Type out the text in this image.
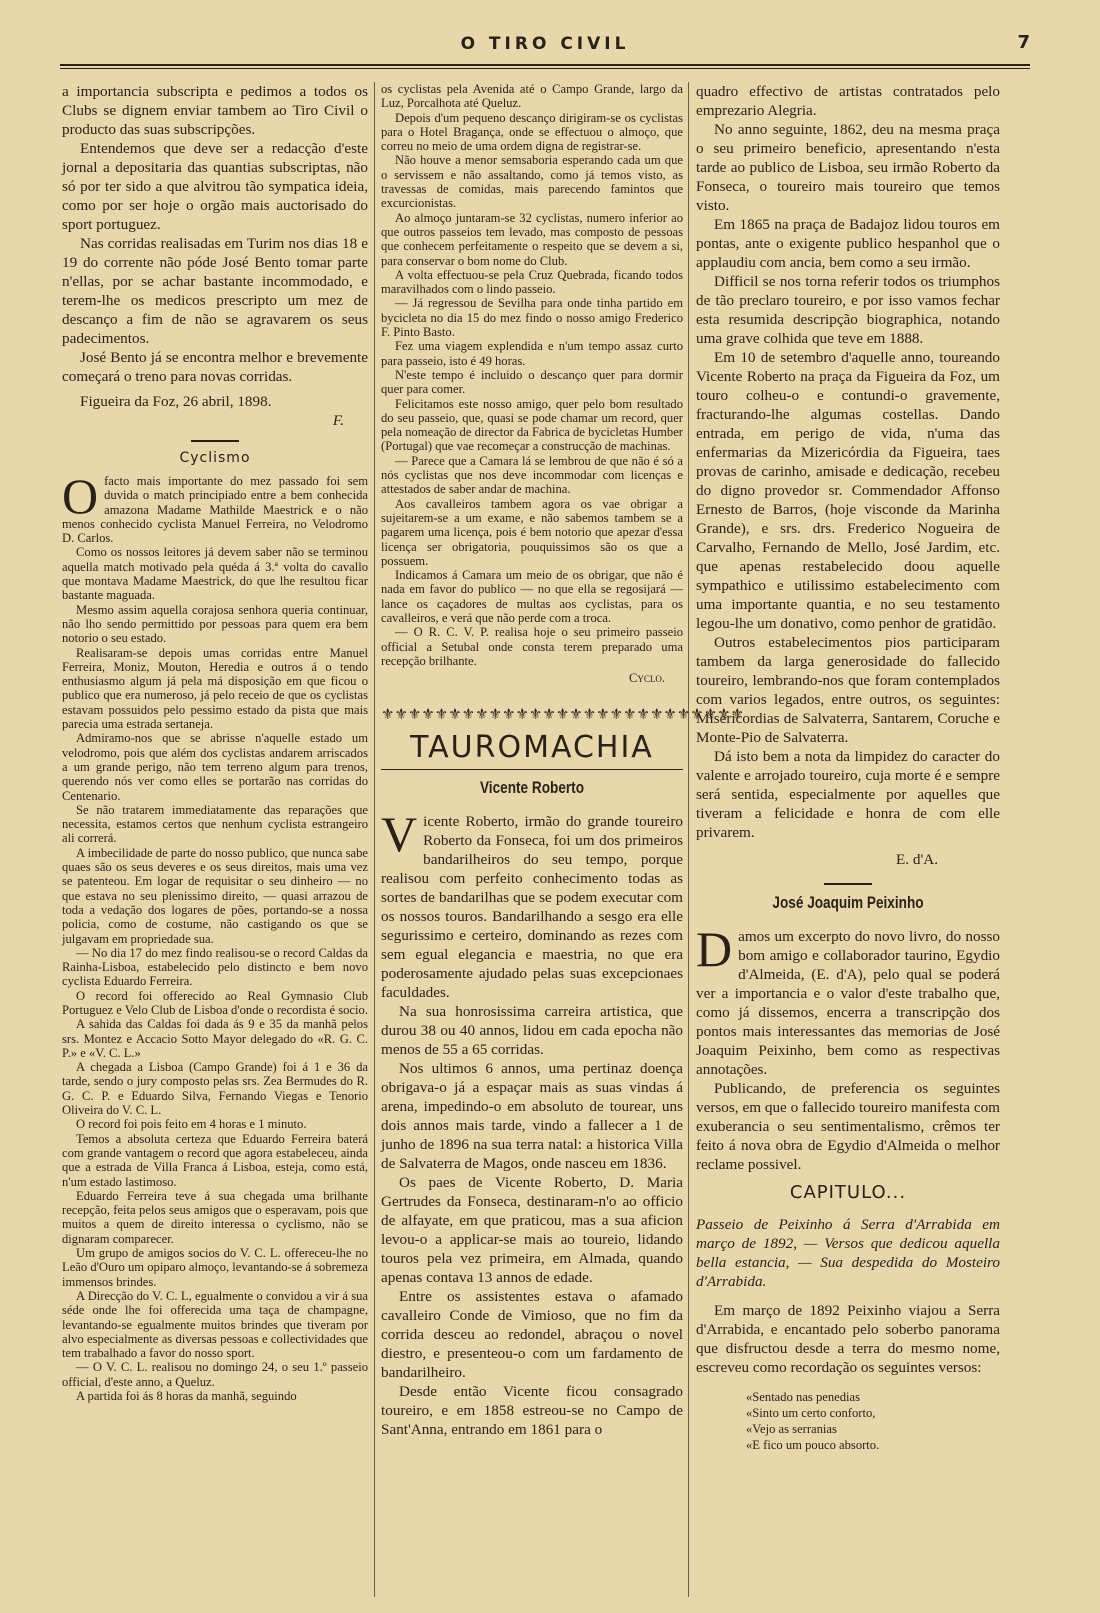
O TIRO CIVIL	7

a importancia subscripta e pedimos a todos os Clubs se dignem enviar tambem ao Tiro Civil o producto das suas subscripções.

Entendemos que deve ser a redacção d'este jornal a depositaria das quantias subscriptas, não só por ter sido a que alvitrou tão sympatica ideia, como por ser hoje o orgão mais auctorisado do sport portuguez.

Nas corridas realisadas em Turim nos dias 18 e 19 do corrente não póde José Bento tomar parte n'ellas, por se achar bastante incommodado, e terem-lhe os medicos prescripto um mez de descanço a fim de não se agravarem os seus padecimentos.

José Bento já se encontra melhor e brevemente começará o treno para novas corridas.

Figueira da Foz, 26 abril, 1898.

F.

Cyclismo

Ofacto mais importante do mez passado foi sem duvida o match principiado entre a bem conhecida amazona Madame Mathilde Maestrick e o não menos conhecido cyclista Manuel Ferreira, no Velodromo D. Carlos.

Como os nossos leitores já devem saber não se terminou aquella match motivado pela quéda á 3.ª volta do cavallo que montava Madame Maestrick, do que lhe resultou ficar bastante maguada.

Mesmo assim aquella corajosa senhora queria continuar, não lho sendo permittido por pessoas para quem era bem notorio o seu estado.

Realisaram-se depois umas corridas entre Manuel Ferreira, Moniz, Mouton, Heredia e outros á o tendo enthusiasmo algum já pela má disposição em que ficou o publico que era numeroso, já pelo receio de que os cyclistas estavam possuidos pelo pessimo estado da pista que mais parecia uma estrada sertaneja.

Admiramo-nos que se abrisse n'aquelle estado um velodromo, pois que além dos cyclistas andarem arriscados a um grande perigo, não tem terreno algum para trenos, querendo nós ver como elles se portarão nas corridas do Centenario.

Se não tratarem immediatamente das reparações que necessita, estamos certos que nenhum cyclista estrangeiro ali correrá.

A imbecilidade de parte do nosso publico, que nunca sabe quaes são os seus deveres e os seus direitos, mais uma vez se patenteou. Em logar de requisitar o seu dinheiro — no que estava no seu plenissimo direito, — quasi arrazou de toda a vedação dos logares de pões, portando-se a nossa policia, como de costume, não castigando os que se julgavam em propriedade sua.

— No dia 17 do mez findo realisou-se o record Caldas da Rainha-Lisboa, estabelecido pelo distincto e bem novo cyclista Eduardo Ferreira.

O record foi offerecido ao Real Gymnasio Club Portuguez e Velo Club de Lisboa d'onde o recordista é socio.

A sahida das Caldas foi dada ás 9 e 35 da manhã pelos srs. Montez e Accacio Sotto Mayor delegado do «R. G. C. P.» e «V. C. L.»

A chegada a Lisboa (Campo Grande) foi á 1 e 36 da tarde, sendo o jury composto pelas srs. Zea Bermudes do R. G. C. P. e Eduardo Silva, Fernando Viegas e Tenorio Oliveira do V. C. L.

O record foi pois feito em 4 horas e 1 minuto.

Temos a absoluta certeza que Eduardo Ferreira baterá com grande vantagem o record que agora estabeleceu, ainda que a estrada de Villa Franca á Lisboa, esteja, como está, n'um estado lastimoso.

Eduardo Ferreira teve á sua chegada uma brilhante recepção, feita pelos seus amigos que o esperavam, pois que muitos a quem de direito interessa o cyclismo, não se dignaram comparecer.

Um grupo de amigos socios do V. C. L. offereceu-lhe no Leão d'Ouro um opiparo almoço, levantando-se á sobremeza immensos brindes.

A Direcção do V. C. L, egualmente o convidou a vir á sua séde onde lhe foi offerecida uma taça de champagne, levantando-se egualmente muitos brindes que tiveram por alvo especialmente as diversas pessoas e collectividades que tem trabalhado a favor do nosso sport.

— O V. C. L. realisou no domingo 24, o seu 1.º passeio official, d'este anno, a Queluz.

A partida foi ás 8 horas da manhã, seguindo

os cyclistas pela Avenida até o Campo Grande, largo da Luz, Porcalhota até Queluz.

Depois d'um pequeno descanço dirigiram-se os cyclistas para o Hotel Bragança, onde se effectuou o almoço, que correu no meio de uma ordem digna de registrar-se.

Não houve a menor semsaboria esperando cada um que o servissem e não assaltando, como já temos visto, as travessas de comidas, mais parecendo famintos que excurcionistas.

Ao almoço juntaram-se 32 cyclistas, numero inferior ao que outros passeios tem levado, mas composto de pessoas que conhecem perfeitamente o respeito que se devem a si, para conservar o bom nome do Club.

A volta effectuou-se pela Cruz Quebrada, ficando todos maravilhados com o lindo passeio.

— Já regressou de Sevilha para onde tinha partido em bycicleta no dia 15 do mez findo o nosso amigo Frederico F. Pinto Basto.

Fez uma viagem explendida e n'um tempo assaz curto para passeio, isto é 49 horas.

N'este tempo é incluido o descanço quer para dormir quer para comer.

Felicitamos este nosso amigo, quer pelo bom resultado do seu passeio, que, quasi se pode chamar um record, quer pela nomeação de director da Fabrica de bycicletas Humber (Portugal) que vae recomeçar a construcção de machinas.

— Parece que a Camara lá se lembrou de que não é só a nós cyclistas que nos deve incommodar com licenças e attestados de saber andar de machina.

Aos cavalleiros tambem agora os vae obrigar a sujeitarem-se a um exame, e não sabemos tambem se a pagarem uma licença, pois é bem notorio que apezar d'essa licença ser obrigatoria, pouquissimos são os que a possuem.

Indicamos á Camara um meio de os obrigar, que não é nada em favor do publico — no que ella se regosijará — lance os caçadores de multas aos cyclistas, para os cavalleiros, e verá que não perde com a troca.

— O R. C. V. P. realisa hoje o seu primeiro passeio official a Setubal onde consta terem preparado uma recepção brilhante.

Cyclo.

⚜⚜⚜⚜⚜⚜⚜⚜⚜⚜⚜⚜⚜⚜⚜⚜⚜⚜⚜⚜⚜⚜⚜⚜⚜⚜⚜
TAUROMACHIA
Vicente Roberto

Vicente Roberto, irmão do grande toureiro Roberto da Fonseca, foi um dos primeiros bandarilheiros do seu tempo, porque realisou com perfeito conhecimento todas as sortes de bandarilhas que se podem executar com os nossos touros. Bandarilhando a sesgo era elle segurissimo e certeiro, dominando as rezes com sem egual elegancia e maestria, no que era poderosamente ajudado pelas suas excepcionaes faculdades.

Na sua honrosissima carreira artistica, que durou 38 ou 40 annos, lidou em cada epocha não menos de 55 a 65 corridas.

Nos ultimos 6 annos, uma pertinaz doença obrigava-o já a espaçar mais as suas vindas á arena, impedindo-o em absoluto de tourear, uns dois annos mais tarde, vindo a fallecer a 1 de junho de 1896 na sua terra natal: a historica Villa de Salvaterra de Magos, onde nasceu em 1836.

Os paes de Vicente Roberto, D. Maria Gertrudes da Fonseca, destinaram-n'o ao officio de alfayate, em que praticou, mas a sua aficion levou-o a applicar-se mais ao toureio, lidando touros pela vez primeira, em Almada, quando apenas contava 13 annos de edade.

Entre os assistentes estava o afamado cavalleiro Conde de Vimioso, que no fim da corrida desceu ao redondel, abraçou o novel diestro, e presenteou-o com um fardamento de bandarilheiro.

Desde então Vicente ficou consagrado toureiro, e em 1858 estreou-se no Campo de Sant'Anna, entrando em 1861 para o

quadro effectivo de artistas contratados pelo emprezario Alegria.

No anno seguinte, 1862, deu na mesma praça o seu primeiro beneficio, apresentando n'esta tarde ao publico de Lisboa, seu irmão Roberto da Fonseca, o toureiro mais toureiro que temos visto.

Em 1865 na praça de Badajoz lidou touros em pontas, ante o exigente publico hespanhol que o applaudiu com ancia, bem como a seu irmão.

Difficil se nos torna referir todos os triumphos de tão preclaro toureiro, e por isso vamos fechar esta resumida descripção biographica, notando uma grave colhida que teve em 1888.

Em 10 de setembro d'aquelle anno, toureando Vicente Roberto na praça da Figueira da Foz, um touro colheu-o e contundi-o gravemente, fracturando-lhe algumas costellas. Dando entrada, em perigo de vida, n'uma das enfermarias da Mizericórdia da Figueira, taes provas de carinho, amisade e dedicação, recebeu do digno provedor sr. Commendador Affonso Ernesto de Barros, (hoje visconde da Marinha Grande), e srs. drs. Frederico Nogueira de Carvalho, Fernando de Mello, José Jardim, etc. que apenas restabelecido doou aquelle sympathico e utilissimo estabelecimento com uma importante quantia, e no seu testamento legou-lhe um donativo, como penhor de gratidão.

Outros estabelecimentos pios participaram tambem da larga generosidade do fallecido toureiro, lembrando-nos que foram contemplados com varios legados, entre outros, os seguintes: Misericordias de Salvaterra, Santarem, Coruche e Monte-Pio de Salvaterra.

Dá isto bem a nota da limpidez do caracter do valente e arrojado toureiro, cuja morte é e sempre será sentida, especialmente por aquelles que tiveram a felicidade e honra de com elle privarem.

E. d'A.

José Joaquim Peixinho

Damos um excerpto do novo livro, do nosso bom amigo e collaborador taurino, Egydio d'Almeida, (E. d'A), pelo qual se poderá ver a importancia e o valor d'este trabalho que, como já dissemos, encerra a transcripção dos pontos mais interessantes das memorias de José Joaquim Peixinho, bem como as respectivas annotações.

Publicando, de preferencia os seguintes versos, em que o fallecido toureiro manifesta com exuberancia o seu sentimentalismo, crêmos ter feito á nova obra de Egydio d'Almeida o melhor reclame possivel.

CAPITULO...

Passeio de Peixinho á Serra d'Arrabida em março de 1892, — Versos que dedicou aquella bella estancia, — Sua despedida do Mosteiro d'Arrabida.

Em março de 1892 Peixinho viajou a Serra d'Arrabida, e encantado pelo soberbo panorama que disfructou desde a terra do mesmo nome, escreveu como recordação os seguintes versos:

«Sentado nas penedias
«Sinto um certo conforto,
«Vejo as serranias
«E fico um pouco absorto.
